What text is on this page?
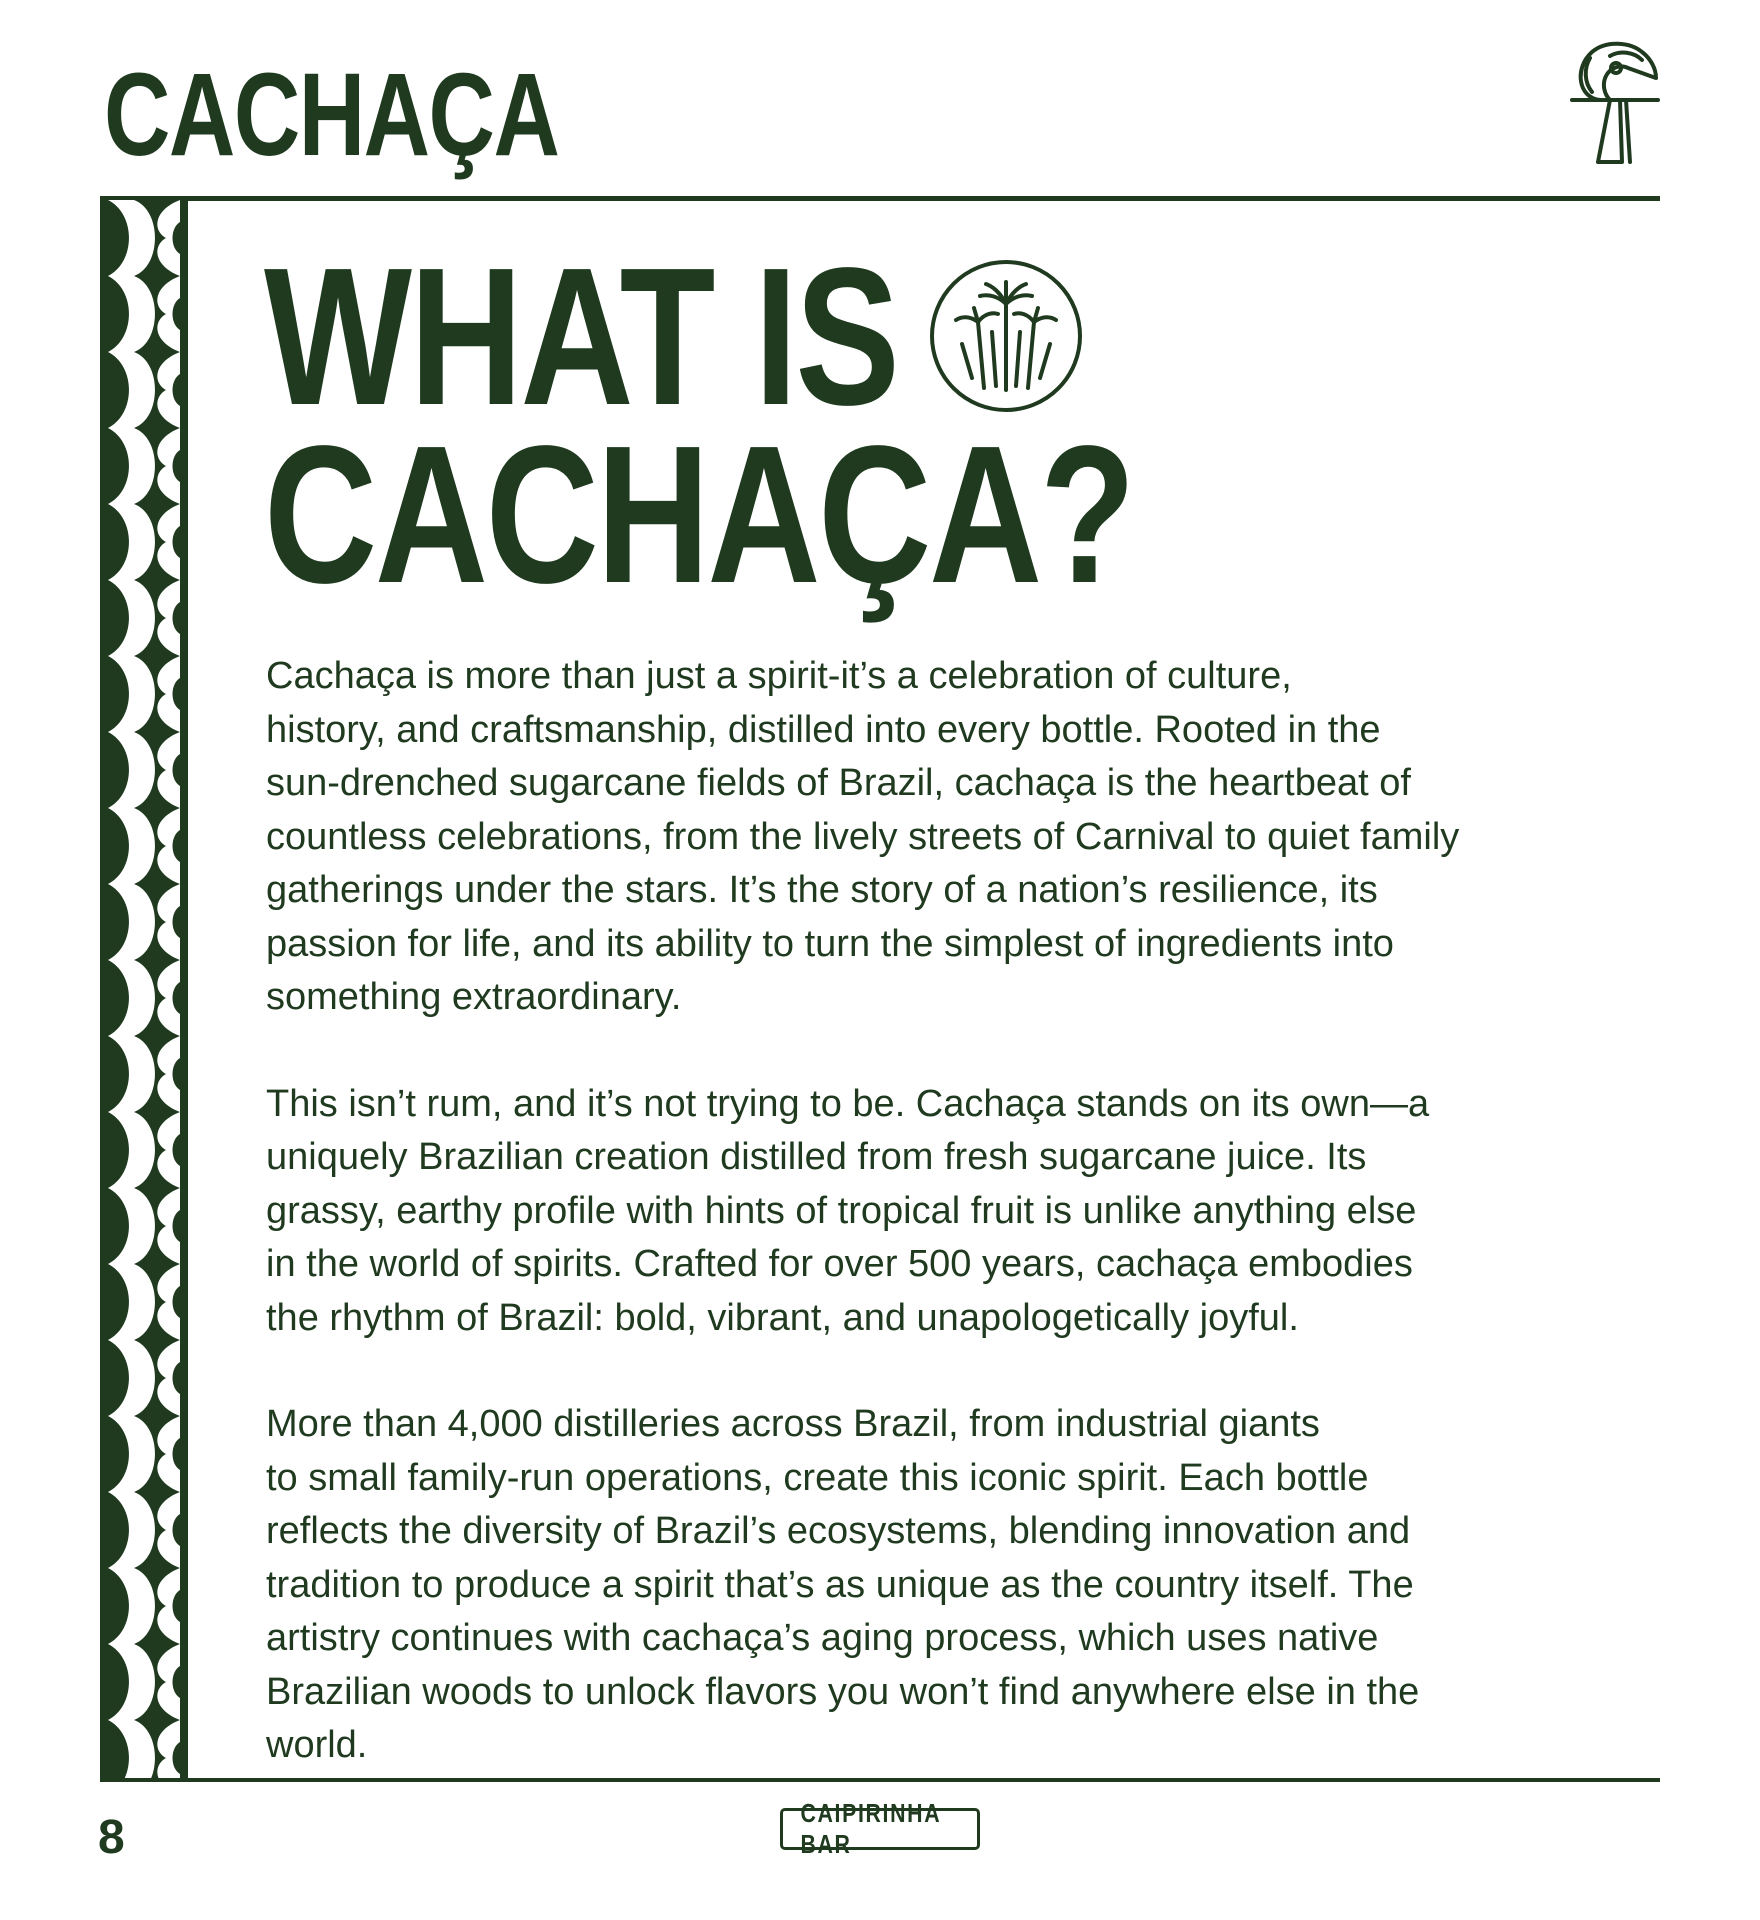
CACHAÇA
WHAT IS
CACHAÇA?

Cachaça is more than just a spirit-it’s a celebration of culture,
history, and craftsmanship, distilled into every bottle. Rooted in the
sun-drenched sugarcane fields of Brazil, cachaça is the heartbeat of
countless celebrations, from the lively streets of Carnival to quiet family
gatherings under the stars. It’s the story of a nation’s resilience, its
passion for life, and its ability to turn the simplest of ingredients into
something extraordinary.

This isn’t rum, and it’s not trying to be. Cachaça stands on its own—a
uniquely Brazilian creation distilled from fresh sugarcane juice. Its
grassy, earthy profile with hints of tropical fruit is unlike anything else
in the world of spirits. Crafted for over 500 years, cachaça embodies
the rhythm of Brazil: bold, vibrant, and unapologetically joyful.

More than 4,000 distilleries across Brazil, from industrial giants
to small family-run operations, create this iconic spirit. Each bottle
reflects the diversity of Brazil’s ecosystems, blending innovation and
tradition to produce a spirit that’s as unique as the country itself. The
artistry continues with cachaça’s aging process, which uses native
Brazilian woods to unlock flavors you won’t find anywhere else in the
world.

8	CAIPIRINHA BAR
